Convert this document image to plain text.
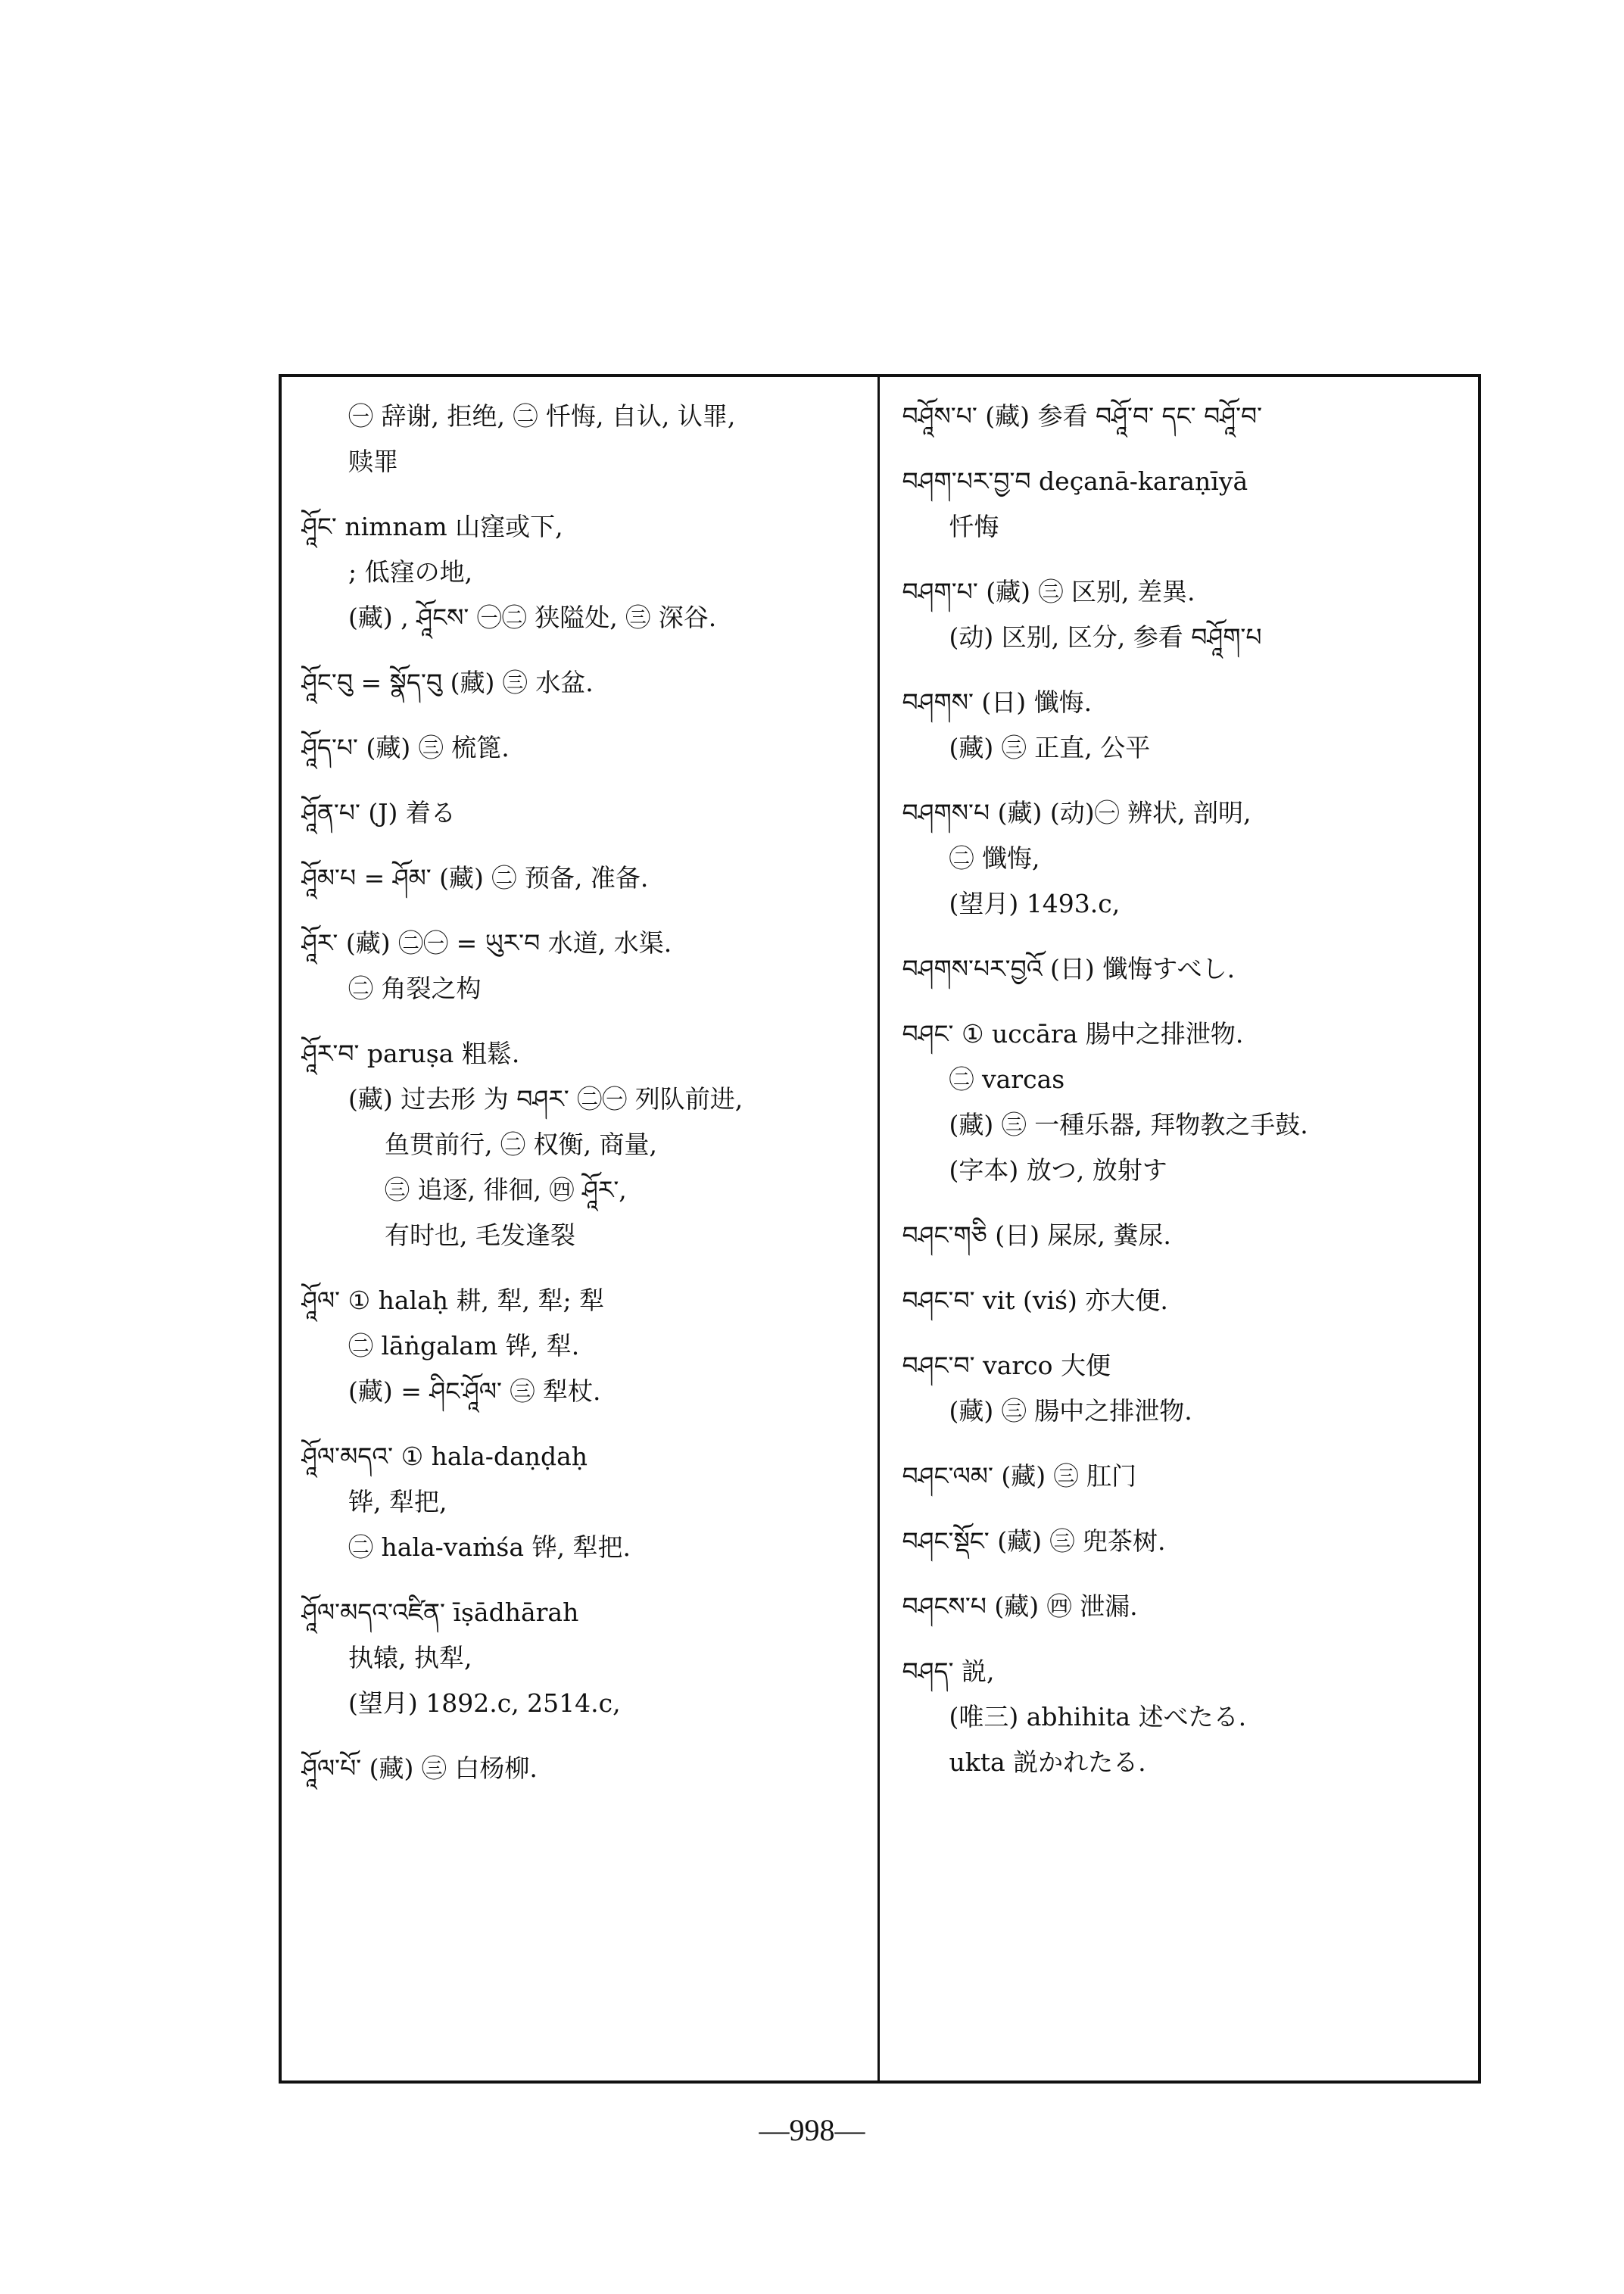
㊀ 辞谢, 拒绝, ㊁ 忏悔, 自认, 认罪,
赎罪
ཤཱོང་ nimnam 山窪或下,
; 低窪の地,
(藏) , ཤཱོངས་ ㊀㊁ 狭隘处, ㊂ 深谷.
ཤཱོང་བུ = སྣོད་བུ (藏) ㊂ 水盆.
ཤཱོད་པ་ (藏) ㊂ 梳篦.
ཤཱོན་པ་ (J) 着る
ཤཱོམ་པ = ཤོམ་ (藏) ㊁ 预备, 准备.
ཤཱོར་ (藏) ㊁㊀ = ཡུར་བ 水道, 水渠.
㊁ 角裂之构
ཤཱོར་བ་ paruṣa 粗鬆.
(藏) 过去形 为 བཤར་ ㊁㊀ 列队前进,
鱼贯前行, ㊁ 权衡, 商量,
㊂ 追逐, 徘徊, ㊃ ཤཱོར་,
有时也, 毛发逢裂
ཤཱོལ་ ① halaḥ 耕, 犁, 犁; 犁
㊁ lāṅgalam 铧, 犁.
(藏) = ཤིང་ཤཱོལ་ ㊂ 犁杖.
ཤཱོལ་མདའ་ ① hala-daṇḍaḥ
铧, 犁把,
㊁ hala-vaṁśa 铧, 犁把.
ཤཱོལ་མདའ་འཛིན་ īṣādhārah
执辕, 执犁,
(望月) 1892.c, 2514.c,
ཤཱོལ་པོ་ (藏) ㊂ 白杨柳.
བཤཱོས་པ་ (藏) 参看 བཤཱོ་བ་ དང་ བཤཱོ་བ་
བཤག་པར་བྱ་བ deçanā-karaṇīyā
忏悔
བཤག་པ་ (藏) ㊂ 区别, 差異.
(动) 区别, 区分, 参看 བཤཱོག་པ
བཤགས་ (日) 懺悔.
(藏) ㊂ 正直, 公平
བཤགས་པ (藏) (动)㊀ 辨状, 剖明,
㊁ 懺悔,
(望月) 1493.c,
བཤགས་པར་བྱའོ (日) 懺悔すべし.
བཤང་ ① uccāra 腸中之排泄物.
㊁ varcas
(藏) ㊂ 一種乐器, 拜物教之手鼓.
(字本) 放つ, 放射す
བཤང་གཅི (日) 屎尿, 糞尿.
བཤང་བ་ vit (viś) 亦大便.
བཤང་བ་ varco 大便
(藏) ㊂ 腸中之排泄物.
བཤང་ལམ་ (藏) ㊂ 肛门
བཤང་སྡོང་ (藏) ㊂ 兜茶树.
བཤངས་པ (藏) ㊃ 泄漏.
བཤད་ 説,
(唯三) abhihita 述べたる.
ukta 説かれたる.
—998—
